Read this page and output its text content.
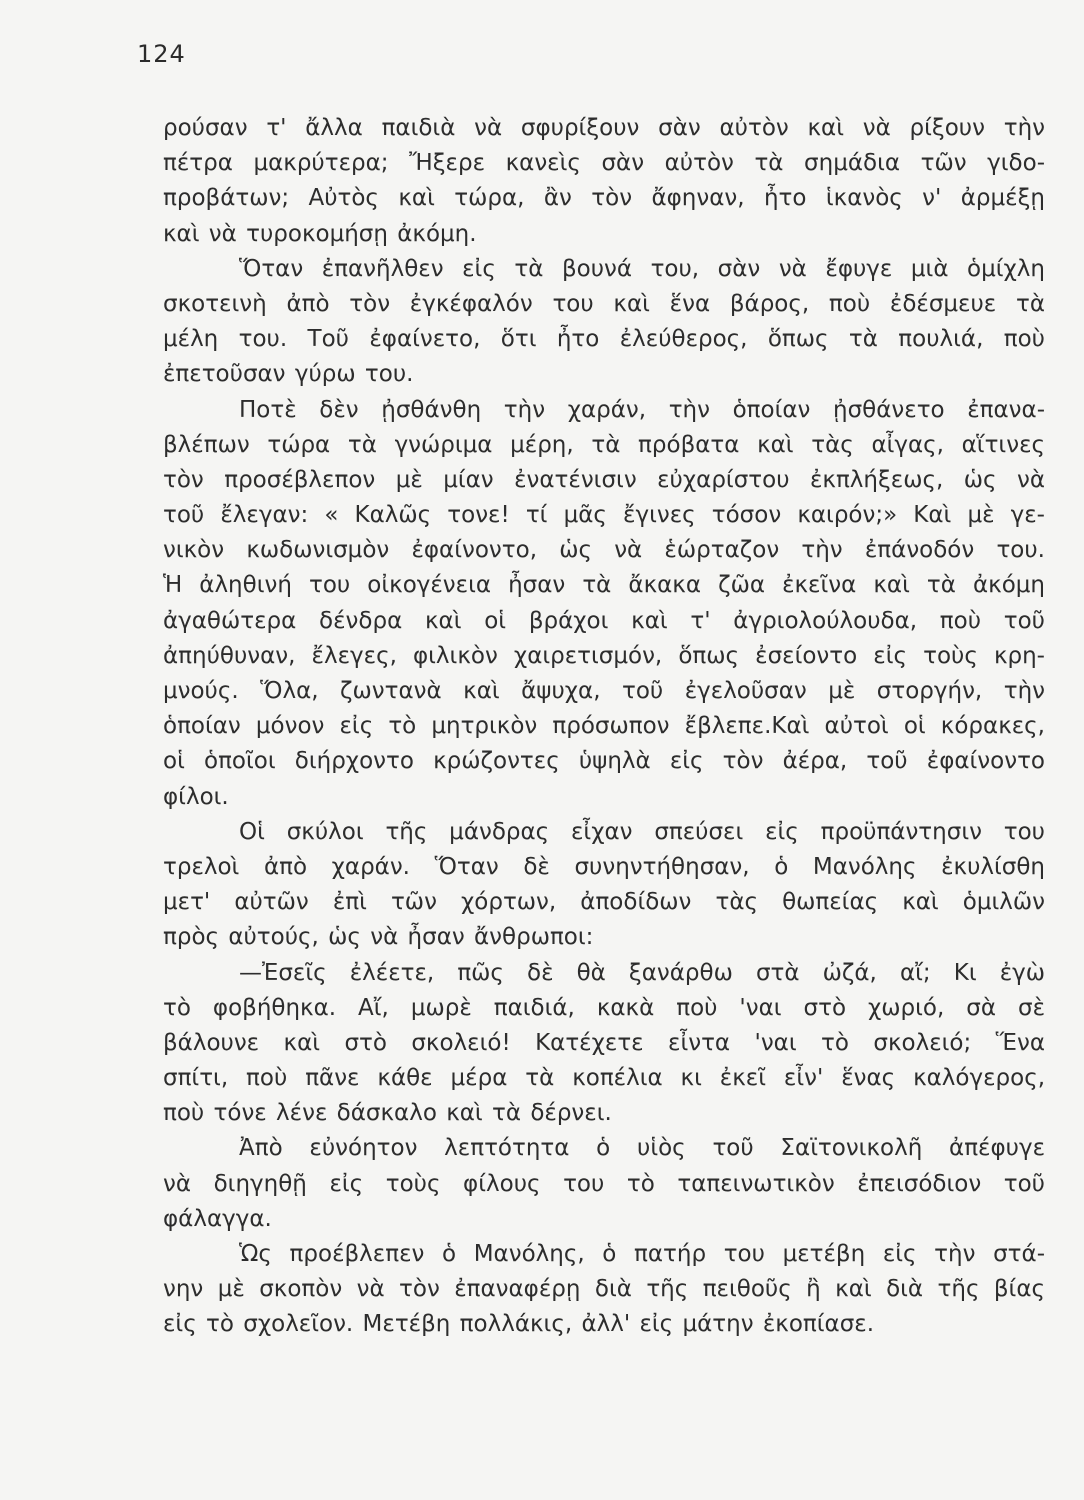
124
ρούσαν τ' ἄλλα παιδιὰ νὰ σφυρίξουν σὰν αὐτὸν καὶ νὰ ρίξουν τὴν
πέτρα μακρύτερα; Ἤξερε κανεὶς σὰν αὐτὸν τὰ σημάδια τῶν γιδο-
προβάτων; Αὐτὸς καὶ τώρα, ἂν τὸν ἄφηναν, ἦτο ἱκανὸς ν' ἀρμέξῃ
καὶ νὰ τυροκομήσῃ ἀκόμη.
Ὅταν ἐπανῆλθεν εἰς τὰ βουνά του, σὰν νὰ ἔφυγε μιὰ ὁμίχλη
σκοτεινὴ ἀπὸ τὸν ἐγκέφαλόν του καὶ ἕνα βάρος, ποὺ ἐδέσμευε τὰ
μέλη του. Τοῦ ἐφαίνετο, ὅτι ἦτο ἐλεύθερος, ὅπως τὰ πουλιά, ποὺ
ἐπετοῦσαν γύρω του.
Ποτὲ δὲν ᾐσθάνθη τὴν χαράν, τὴν ὁποίαν ᾐσθάνετο ἐπανα-
βλέπων τώρα τὰ γνώριμα μέρη, τὰ πρόβατα καὶ τὰς αἶγας, αἵτινες
τὸν προσέβλεπον μὲ μίαν ἐνατένισιν εὐχαρίστου ἐκπλήξεως, ὡς νὰ
τοῦ ἔλεγαν: « Καλῶς τονε! τί μᾶς ἔγινες τόσον καιρόν;» Καὶ μὲ γε-
νικὸν κωδωνισμὸν ἐφαίνοντο, ὡς νὰ ἑώρταζον τὴν ἐπάνοδόν του.
Ἡ ἀληθινή του οἰκογένεια ἦσαν τὰ ἄκακα ζῶα ἐκεῖνα καὶ τὰ ἀκόμη
ἀγαθώτερα δένδρα καὶ οἱ βράχοι καὶ τ' ἀγριολούλουδα, ποὺ τοῦ
ἀπηύθυναν, ἔλεγες, φιλικὸν χαιρετισμόν, ὅπως ἐσείοντο εἰς τοὺς κρη-
μνούς. Ὅλα, ζωντανὰ καὶ ἄψυχα, τοῦ ἐγελοῦσαν μὲ στοργήν, τὴν
ὁποίαν μόνον εἰς τὸ μητρικὸν πρόσωπον ἔβλεπε.Καὶ αὐτοὶ οἱ κόρακες,
οἱ ὁποῖοι διήρχοντο κρώζοντες ὑψηλὰ εἰς τὸν ἀέρα, τοῦ ἐφαίνοντο
φίλοι.
Οἱ σκύλοι τῆς μάνδρας εἶχαν σπεύσει εἰς προϋπάντησιν του
τρελοὶ ἀπὸ χαράν. Ὅταν δὲ συνηντήθησαν, ὁ Μανόλης ἐκυλίσθη
μετ' αὐτῶν ἐπὶ τῶν χόρτων, ἀποδίδων τὰς θωπείας καὶ ὁμιλῶν
πρὸς αὐτούς, ὡς νὰ ἦσαν ἄνθρωποι:
—Ἐσεῖς ἐλέετε, πῶς δὲ θὰ ξανάρθω στὰ ὠζά, αἴ; Κι ἐγὼ
τὸ φοβήθηκα. Αἴ, μωρὲ παιδιά, κακὰ ποὺ 'ναι στὸ χωριό, σὰ σὲ
βάλουνε καὶ στὸ σκολειό! Κατέχετε εἶντα 'ναι τὸ σκολειό; Ἕνα
σπίτι, ποὺ πᾶνε κάθε μέρα τὰ κοπέλια κι ἐκεῖ εἶν' ἕνας καλόγερος,
ποὺ τόνε λένε δάσκαλο καὶ τὰ δέρνει.
Ἀπὸ εὐνόητον λεπτότητα ὁ υἱὸς τοῦ Σαϊτονικολῆ ἀπέφυγε
νὰ διηγηθῇ εἰς τοὺς φίλους του τὸ ταπεινωτικὸν ἐπεισόδιον τοῦ
φάλαγγα.
Ὡς προέβλεπεν ὁ Μανόλης, ὁ πατήρ του μετέβη εἰς τὴν στά-
νην μὲ σκοπὸν νὰ τὸν ἐπαναφέρῃ διὰ τῆς πειθοῦς ἢ καὶ διὰ τῆς βίας
εἰς τὸ σχολεῖον. Μετέβη πολλάκις, ἀλλ' εἰς μάτην ἐκοπίασε.
